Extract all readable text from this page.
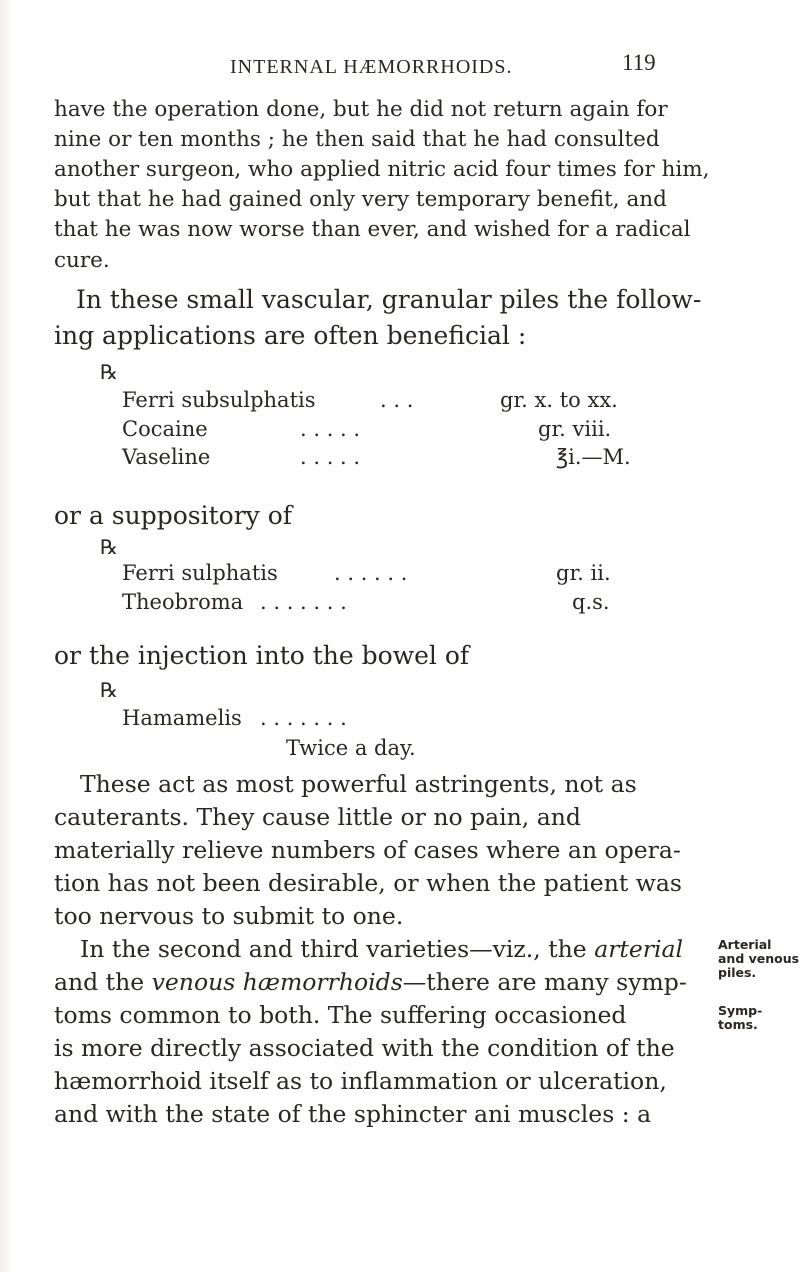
INTERNAL HÆMORRHOIDS.	119

have the operation done, but he did not return again for

nine or ten months ; he then said that he had consulted

another surgeon, who applied nitric acid four times for him,

but that he had gained only very temporary benefit, and

that he was now worse than ever, and wished for a radical

cure.

In these small vascular, granular piles the follow-

ing applications are often beneficial :

℞
Ferri subsulphatis	. . .	gr. x. to xx.
Cocaine	. . . . .	gr. viii.
Vaseline	. . . . .	℥i.—M.

or a suppository of

℞
Ferri sulphatis	. . . . . .	gr. ii.
Theobroma . . . . . . .	q.s.

or the injection into the bowel of

℞
Hamamelis . . . . . . .
Twice a day.

These act as most powerful astringents, not as

cauterants. They cause little or no pain, and

materially relieve numbers of cases where an opera-

tion has not been desirable, or when the patient was

too nervous to submit to one.

In the second and third varieties—viz., the arterial

and the venous hæmorrhoids—there are many symp-

toms common to both. The suffering occasioned

is more directly associated with the condition of the

hæmorrhoid itself as to inflammation or ulceration,

and with the state of the sphincter ani muscles : a

Arterial
and venous
piles.
Symp-
toms.
